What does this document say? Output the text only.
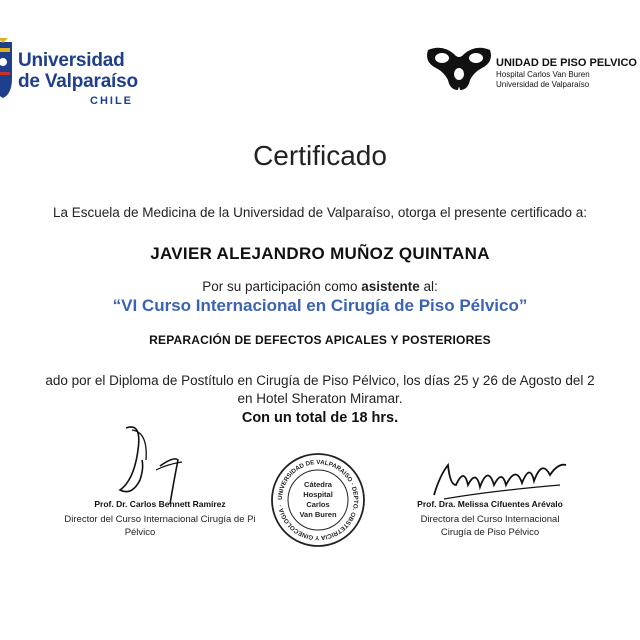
Universidad
de Valparaíso
CHILE
UNIDAD DE PISO PELVICO
Hospital Carlos Van Buren
Universidad de Valparaíso
Certificado
La Escuela de Medicina de la Universidad de Valparaíso, otorga el presente certificado a:
JAVIER ALEJANDRO MUÑOZ QUINTANA
Por su participación como asistente al:
“VI Curso Internacional en Cirugía de Piso Pélvico”
REPARACIÓN DE DEFECTOS APICALES Y POSTERIORES
ado por el Diploma de Postítulo en Cirugía de Piso Pélvico, los días 25 y 26 de Agosto del 2
en Hotel Sheraton Miramar.
Con un total de 18 hrs.
Prof. Dr. Carlos Bennett Ramírez
Director del Curso Internacional Cirugía de Pi
Pélvico
UNIVERSIDAD DE VALPARAISO · DEPTO. OBSTETRICIA Y GINECOLOGIA ·
Cátedra
Hospital
Carlos
Van Buren
Prof. Dra. Melissa Cifuentes Arévalo
Directora del Curso Internacional
Cirugía de Piso Pélvico
